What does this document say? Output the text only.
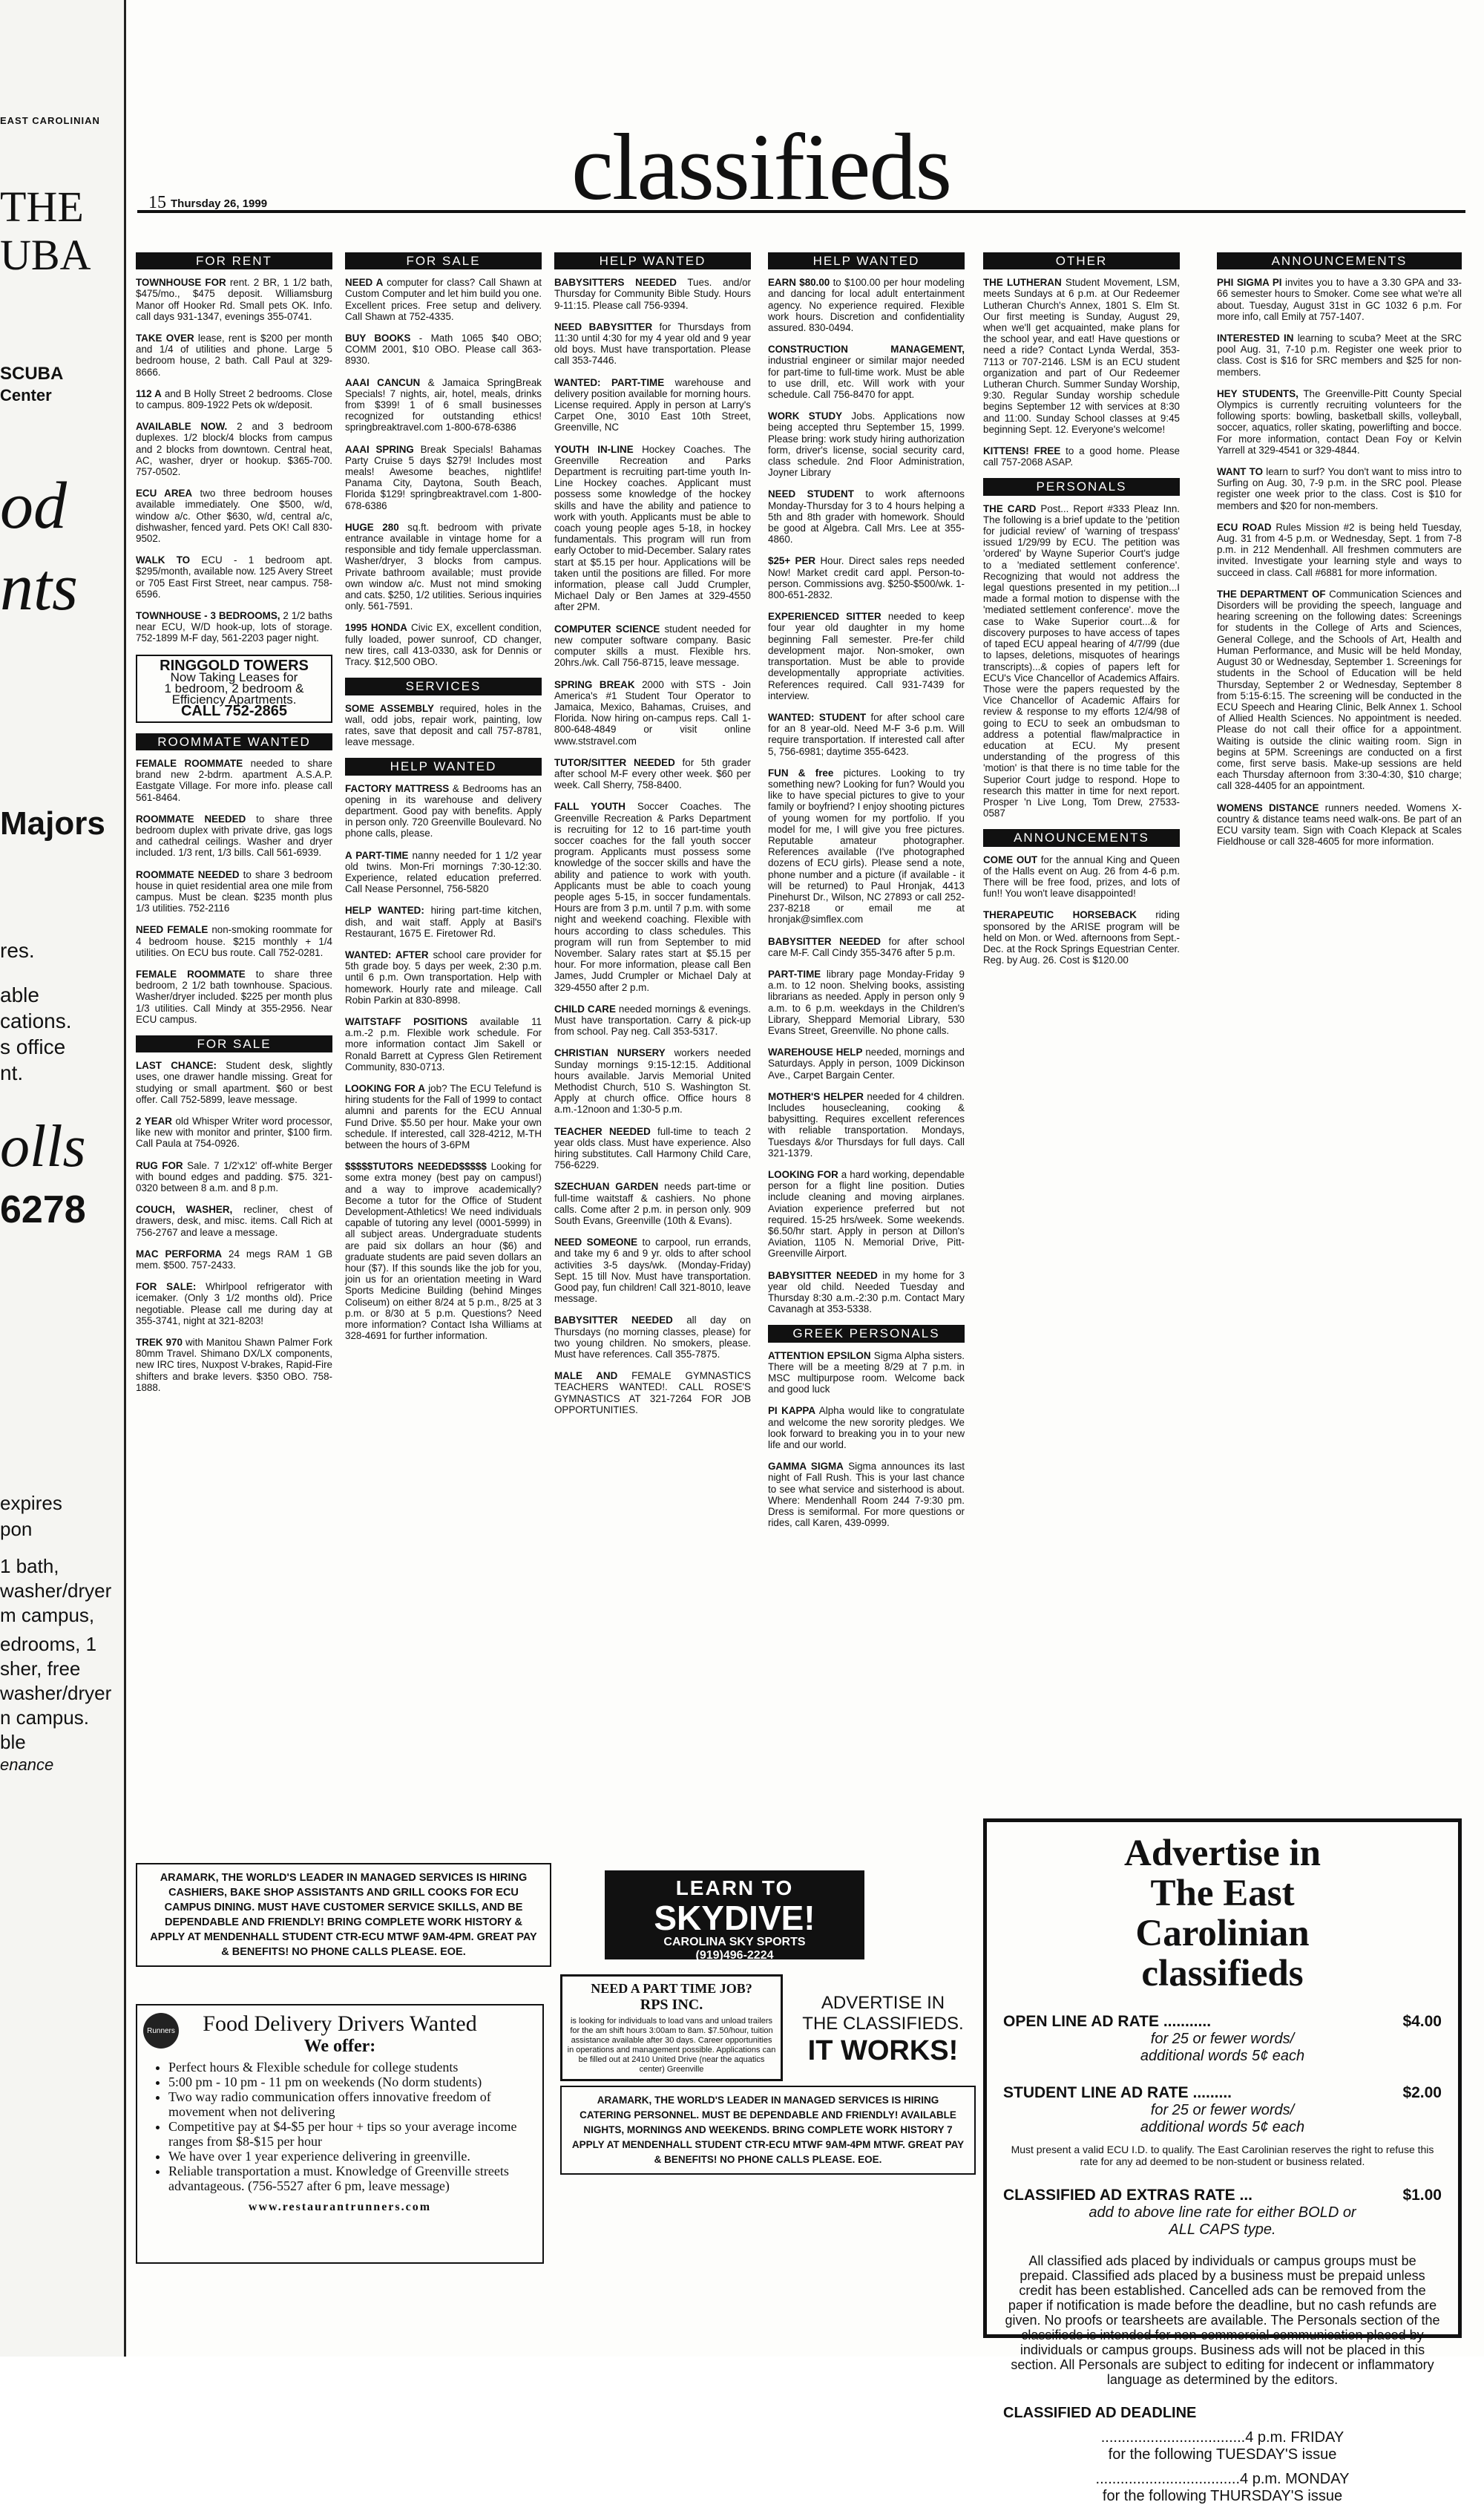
THE
UBA
SCUBA
Center
od
nts
Majors
res.
able
cations.
s office
nt.
olls
6278
expires
pon
1 bath,
washer/dryer
m campus,
edrooms, 1
sher, free
washer/dryer
n campus.
ble
enance
EAST CAROLINIAN
15 Thursday 26, 1999	classifieds
FOR RENT
TOWNHOUSE FOR rent. 2 BR, 1 1/2 bath, $475/mo., $475 deposit. Williamsburg Manor off Hooker Rd. Small pets OK. Info. call days 931-1347, evenings 355-0741.
TAKE OVER lease, rent is $200 per month and 1/4 of utilities and phone. Large 5 bedroom house, 2 bath. Call Paul at 329-8666.
112 A and B Holly Street 2 bedrooms. Close to campus. 809-1922 Pets ok w/deposit.
AVAILABLE NOW. 2 and 3 bedroom duplexes. 1/2 block/4 blocks from campus and 2 blocks from downtown. Central heat, AC, washer, dryer or hookup. $365-700. 757-0502.
ECU AREA two three bedroom houses available immediately. One $500, w/d, window a/c. Other $630, w/d, central a/c, dishwasher, fenced yard. Pets OK! Call 830-9502.
WALK TO ECU - 1 bedroom apt. $295/month, available now. 125 Avery Street or 705 East First Street, near campus. 758-6596.
TOWNHOUSE - 3 BEDROOMS, 2 1/2 baths near ECU, W/D hook-up, lots of storage. 752-1899 M-F day, 561-2203 pager night.
RINGGOLD TOWERS
Now Taking Leases for
1 bedroom, 2 bedroom &
Efficiency Apartments.
CALL 752-2865
ROOMMATE WANTED
FEMALE ROOMMATE needed to share brand new 2-bdrm. apartment A.S.A.P. Eastgate Village. For more info. please call 561-8464.
ROOMMATE NEEDED to share three bedroom duplex with private drive, gas logs and cathedral ceilings. Washer and dryer included. 1/3 rent, 1/3 bills. Call 561-6939.
ROOMMATE NEEDED to share 3 bedroom house in quiet residential area one mile from campus. Must be clean. $235 month plus 1/3 utilities. 752-2116
NEED FEMALE non-smoking roommate for 4 bedroom house. $215 monthly + 1/4 utilities. On ECU bus route. Call 752-0281.
FEMALE ROOMMATE to share three bedroom, 2 1/2 bath townhouse. Spacious. Washer/dryer included. $225 per month plus 1/3 utilities. Call Mindy at 355-2956. Near ECU campus.
FOR SALE
LAST CHANCE: Student desk, slightly uses, one drawer handle missing. Great for studying or small apartment. $60 or best offer. Call 752-5899, leave message.
2 YEAR old Whisper Writer word processor, like new with monitor and printer, $100 firm. Call Paula at 754-0926.
RUG FOR Sale. 7 1/2'x12' off-white Berger with bound edges and padding. $75. 321-0320 between 8 a.m. and 8 p.m.
COUCH, WASHER, recliner, chest of drawers, desk, and misc. items. Call Rich at 756-2767 and leave a message.
MAC PERFORMA 24 megs RAM 1 GB mem. $500. 757-2433.
FOR SALE: Whirlpool refrigerator with icemaker. (Only 3 1/2 months old). Price negotiable. Please call me during day at 355-3741, night at 321-8203!
TREK 970 with Manitou Shawn Palmer Fork 80mm Travel. Shimano DX/LX components, new IRC tires, Nuxpost V-brakes, Rapid-Fire shifters and brake levers. $350 OBO. 758-1888.
FOR SALE
NEED A computer for class? Call Shawn at Custom Computer and let him build you one. Excellent prices. Free setup and delivery. Call Shawn at 752-4335.
BUY BOOKS - Math 1065 $40 OBO; COMM 2001, $10 OBO. Please call 363-8930.
AAAI CANCUN & Jamaica SpringBreak Specials! 7 nights, air, hotel, meals, drinks from $399! 1 of 6 small businesses recognized for outstanding ethics! springbreaktravel.com 1-800-678-6386
AAAI SPRING Break Specials! Bahamas Party Cruise 5 days $279! Includes most meals! Awesome beaches, nightlife! Panama City, Daytona, South Beach, Florida $129! springbreaktravel.com 1-800-678-6386
HUGE 280 sq.ft. bedroom with private entrance available in vintage home for a responsible and tidy female upperclassman. Washer/dryer, 3 blocks from campus. Private bathroom available; must provide own window a/c. Must not mind smoking and cats. $250, 1/2 utilities. Serious inquiries only. 561-7591.
1995 HONDA Civic EX, excellent condition, fully loaded, power sunroof, CD changer, new tires, call 413-0330, ask for Dennis or Tracy. $12,500 OBO.
SERVICES
SOME ASSEMBLY required, holes in the wall, odd jobs, repair work, painting, low rates, save that deposit and call 757-8781, leave message.
HELP WANTED
FACTORY MATTRESS & Bedrooms has an opening in its warehouse and delivery department. Good pay with benefits. Apply in person only. 720 Greenville Boulevard. No phone calls, please.
A PART-TIME nanny needed for 1 1/2 year old twins. Mon-Fri mornings 7:30-12:30. Experience, related education preferred. Call Nease Personnel, 756-5820
HELP WANTED: hiring part-time kitchen, dish, and wait staff. Apply at Basil's Restaurant, 1675 E. Firetower Rd.
WANTED: AFTER school care provider for 5th grade boy. 5 days per week, 2:30 p.m. until 6 p.m. Own transportation. Help with homework. Hourly rate and mileage. Call Robin Parkin at 830-8998.
WAITSTAFF POSITIONS available 11 a.m.-2 p.m. Flexible work schedule. For more information contact Jim Sakell or Ronald Barrett at Cypress Glen Retirement Community, 830-0713.
LOOKING FOR A job? The ECU Telefund is hiring students for the Fall of 1999 to contact alumni and parents for the ECU Annual Fund Drive. $5.50 per hour. Make your own schedule. If interested, call 328-4212, M-TH between the hours of 3-6PM
$$$$$TUTORS NEEDED$$$$$ Looking for some extra money (best pay on campus!) and a way to improve academically? Become a tutor for the Office of Student Development-Athletics! We need individuals capable of tutoring any level (0001-5999) in all subject areas. Undergraduate students are paid six dollars an hour ($6) and graduate students are paid seven dollars an hour ($7). If this sounds like the job for you, join us for an orientation meeting in Ward Sports Medicine Building (behind Minges Coliseum) on either 8/24 at 5 p.m., 8/25 at 3 p.m. or 8/30 at 5 p.m. Questions? Need more information? Contact Isha Williams at 328-4691 for further information.
HELP WANTED
BABYSITTERS NEEDED Tues. and/or Thursday for Community Bible Study. Hours 9-11:15. Please call 756-9394.
NEED BABYSITTER for Thursdays from 11:30 until 4:30 for my 4 year old and 9 year old boys. Must have transportation. Please call 353-7446.
WANTED: PART-TIME warehouse and delivery position available for morning hours. License required. Apply in person at Larry's Carpet One, 3010 East 10th Street, Greenville, NC
YOUTH IN-LINE Hockey Coaches. The Greenville Recreation and Parks Department is recruiting part-time youth In-Line Hockey coaches. Applicant must possess some knowledge of the hockey skills and have the ability and patience to work with youth. Applicants must be able to coach young people ages 5-18, in hockey fundamentals. This program will run from early October to mid-December. Salary rates start at $5.15 per hour. Applications will be taken until the positions are filled. For more information, please call Judd Crumpler, Michael Daly or Ben James at 329-4550 after 2PM.
COMPUTER SCIENCE student needed for new computer software company. Basic computer skills a must. Flexible hrs. 20hrs./wk. Call 756-8715, leave message.
SPRING BREAK 2000 with STS - Join America's #1 Student Tour Operator to Jamaica, Mexico, Bahamas, Cruises, and Florida. Now hiring on-campus reps. Call 1-800-648-4849 or visit online www.ststravel.com
TUTOR/SITTER NEEDED for 5th grader after school M-F every other week. $60 per week. Call Sherry, 758-8400.
FALL YOUTH Soccer Coaches. The Greenville Recreation & Parks Department is recruiting for 12 to 16 part-time youth soccer coaches for the fall youth soccer program. Applicants must possess some knowledge of the soccer skills and have the ability and patience to work with youth. Applicants must be able to coach young people ages 5-15, in soccer fundamentals. Hours are from 3 p.m. until 7 p.m. with some night and weekend coaching. Flexible with hours according to class schedules. This program will run from September to mid November. Salary rates start at $5.15 per hour. For more information, please call Ben James, Judd Crumpler or Michael Daly at 329-4550 after 2 p.m.
CHILD CARE needed mornings & evenings. Must have transportation. Carry & pick-up from school. Pay neg. Call 353-5317.
CHRISTIAN NURSERY workers needed Sunday mornings 9:15-12:15. Additional hours available. Jarvis Memorial United Methodist Church, 510 S. Washington St. Apply at church office. Office hours 8 a.m.-12noon and 1:30-5 p.m.
TEACHER NEEDED full-time to teach 2 year olds class. Must have experience. Also hiring substitutes. Call Harmony Child Care, 756-6229.
SZECHUAN GARDEN needs part-time or full-time waitstaff & cashiers. No phone calls. Come after 2 p.m. in person only. 909 South Evans, Greenville (10th & Evans).
NEED SOMEONE to carpool, run errands, and take my 6 and 9 yr. olds to after school activities 3-5 days/wk. (Monday-Friday) Sept. 15 till Nov. Must have transportation. Good pay, fun children! Call 321-8010, leave message.
BABYSITTER NEEDED all day on Thursdays (no morning classes, please) for two young children. No smokers, please. Must have references. Call 355-7875.
MALE AND FEMALE GYMNASTICS TEACHERS WANTED!. CALL ROSE'S GYMNASTICS AT 321-7264 FOR JOB OPPORTUNITIES.
HELP WANTED
EARN $80.00 to $100.00 per hour modeling and dancing for local adult entertainment agency. No experience required. Flexible work hours. Discretion and confidentiality assured. 830-0494.
CONSTRUCTION MANAGEMENT, industrial engineer or similar major needed for part-time to full-time work. Must be able to use drill, etc. Will work with your schedule. Call 756-8470 for appt.
WORK STUDY Jobs. Applications now being accepted thru September 15, 1999. Please bring: work study hiring authorization form, driver's license, social security card, class schedule. 2nd Floor Administration, Joyner Library
NEED STUDENT to work afternoons Monday-Thursday for 3 to 4 hours helping a 5th and 8th grader with homework. Should be good at Algebra. Call Mrs. Lee at 355-4860.
$25+ PER Hour. Direct sales reps needed Now! Market credit card appl. Person-to-person. Commissions avg. $250-$500/wk. 1-800-651-2832.
EXPERIENCED SITTER needed to keep four year old daughter in my home beginning Fall semester. Pre-fer child development major. Non-smoker, own transportation. Must be able to provide developmentally appropriate activities. References required. Call 931-7439 for interview.
WANTED: STUDENT for after school care for an 8 year-old. Need M-F 3-6 p.m. Will require transportation. If interested call after 5, 756-6981; daytime 355-6423.
FUN & free pictures. Looking to try something new? Looking for fun? Would you like to have special pictures to give to your family or boyfriend? I enjoy shooting pictures of young women for my portfolio. If you model for me, I will give you free pictures. Reputable amateur photographer. References available (I've photographed dozens of ECU girls). Please send a note, phone number and a picture (if available - it will be returned) to Paul Hronjak, 4413 Pinehurst Dr., Wilson, NC 27893 or call 252-237-8218 or email me at hronjak@simflex.com
BABYSITTER NEEDED for after school care M-F. Call Cindy 355-3476 after 5 p.m.
PART-TIME library page Monday-Friday 9 a.m. to 12 noon. Shelving books, assisting librarians as needed. Apply in person only 9 a.m. to 6 p.m. weekdays in the Children's Library, Sheppard Memorial Library, 530 Evans Street, Greenville. No phone calls.
WAREHOUSE HELP needed, mornings and Saturdays. Apply in person, 1009 Dickinson Ave., Carpet Bargain Center.
MOTHER'S HELPER needed for 4 children. Includes housecleaning, cooking & babysitting. Requires excellent references with reliable transportation. Mondays, Tuesdays &/or Thursdays for full days. Call 321-1379.
LOOKING FOR a hard working, dependable person for a flight line position. Duties include cleaning and moving airplanes. Aviation experience preferred but not required. 15-25 hrs/week. Some weekends. $6.50/hr start. Apply in person at Dillon's Aviation, 1105 N. Memorial Drive, Pitt-Greenville Airport.
BABYSITTER NEEDED in my home for 3 year old child. Needed Tuesday and Thursday 8:30 a.m.-2:30 p.m. Contact Mary Cavanagh at 353-5338.
GREEK PERSONALS
ATTENTION EPSILON Sigma Alpha sisters. There will be a meeting 8/29 at 7 p.m. in MSC multipurpose room. Welcome back and good luck
PI KAPPA Alpha would like to congratulate and welcome the new sorority pledges. We look forward to breaking you in to your new life and our world.
GAMMA SIGMA Sigma announces its last night of Fall Rush. This is your last chance to see what service and sisterhood is about. Where: Mendenhall Room 244 7-9:30 pm. Dress is semiformal. For more questions or rides, call Karen, 439-0999.
OTHER
THE LUTHERAN Student Movement, LSM, meets Sundays at 6 p.m. at Our Redeemer Lutheran Church's Annex, 1801 S. Elm St. Our first meeting is Sunday, August 29, when we'll get acquainted, make plans for the school year, and eat! Have questions or need a ride? Contact Lynda Werdal, 353-7113 or 707-2146. LSM is an ECU student organization and part of Our Redeemer Lutheran Church. Summer Sunday Worship, 9:30. Regular Sunday worship schedule begins September 12 with services at 8:30 and 11:00. Sunday School classes at 9:45 beginning Sept. 12. Everyone's welcome!
KITTENS! FREE to a good home. Please call 757-2068 ASAP.
PERSONALS
THE CARD Post... Report #333 Pleaz Inn. The following is a brief update to the 'petition for judicial review' of 'warning of trespass' issued 1/29/99 by ECU. The petition was 'ordered' by Wayne Superior Court's judge to a 'mediated settlement conference'. Recognizing that would not address the legal questions presented in my petition...I made a formal motion to dispense with the 'mediated settlement conference'. move the case to Wake Superior court...& for discovery purposes to have access of tapes of taped ECU appeal hearing of 4/7/99 (due to lapses, deletions, misquotes of hearings transcripts)...& copies of papers left for ECU's Vice Chancellor of Academics Affairs. Those were the papers requested by the Vice Chancellor of Academic Affairs for review & response to my efforts 12/4/98 of going to ECU to seek an ombudsman to address a potential flaw/malpractice in education at ECU. My present understanding of the progress of this 'motion' is that there is no time table for the Superior Court judge to respond. Hope to research this matter in time for next report. Prosper 'n Live Long, Tom Drew, 27533-0587
ANNOUNCEMENTS
COME OUT for the annual King and Queen of the Halls event on Aug. 26 from 4-6 p.m. There will be free food, prizes, and lots of fun!! You won't leave disappointed!
THERAPEUTIC HORSEBACK riding sponsored by the ARISE program will be held on Mon. or Wed. afternoons from Sept.-Dec. at the Rock Springs Equestrian Center. Reg. by Aug. 26. Cost is $120.00
ANNOUNCEMENTS
PHI SIGMA PI invites you to have a 3.30 GPA and 33-66 semester hours to Smoker. Come see what we're all about. Tuesday, August 31st in GC 1032 6 p.m. For more info, call Emily at 757-1407.
INTERESTED IN learning to scuba? Meet at the SRC pool Aug. 31, 7-10 p.m. Register one week prior to class. Cost is $16 for SRC members and $25 for non-members.
HEY STUDENTS, The Greenville-Pitt County Special Olympics is currently recruiting volunteers for the following sports: bowling, basketball skills, volleyball, soccer, aquatics, roller skating, powerlifting and bocce. For more information, contact Dean Foy or Kelvin Yarrell at 329-4541 or 329-4844.
WANT TO learn to surf? You don't want to miss intro to Surfing on Aug. 30, 7-9 p.m. in the SRC pool. Please register one week prior to the class. Cost is $10 for members and $20 for non-members.
ECU ROAD Rules Mission #2 is being held Tuesday, Aug. 31 from 4-5 p.m. or Wednesday, Sept. 1 from 7-8 p.m. in 212 Mendenhall. All freshmen commuters are invited. Investigate your learning style and ways to succeed in class. Call #6881 for more information.
THE DEPARTMENT OF Communication Sciences and Disorders will be providing the speech, language and hearing screening on the following dates: Screenings for students in the College of Arts and Sciences, General College, and the Schools of Art, Health and Human Performance, and Music will be held Monday, August 30 or Wednesday, September 1. Screenings for students in the School of Education will be held Thursday, September 2 or Wednesday, September 8 from 5:15-6:15. The screening will be conducted in the ECU Speech and Hearing Clinic, Belk Annex 1. School of Allied Health Sciences. No appointment is needed. Please do not call their office for a appointment. Waiting is outside the clinic waiting room. Sign in begins at 5PM. Screenings are conducted on a first come, first serve basis. Make-up sessions are held each Thursday afternoon from 3:30-4:30, $10 charge; call 328-4405 for an appointment.
WOMENS DISTANCE runners needed. Womens X-country & distance teams need walk-ons. Be part of an ECU varsity team. Sign with Coach Klepack at Scales Fieldhouse or call 328-4605 for more information.
Advertise in
The East
Carolinian
classifieds
OPEN LINE AD RATE ...........	$4.00
for 25 or fewer words/
additional words 5¢ each
STUDENT LINE AD RATE .........	$2.00
for 25 or fewer words/
additional words 5¢ each
Must present a valid ECU I.D. to qualify. The East Carolinian reserves the right to refuse this rate for any ad deemed to be non-student or business related.
CLASSIFIED AD EXTRAS RATE ...	$1.00
add to above line rate for either BOLD or
ALL CAPS type.
All classified ads placed by individuals or campus groups must be prepaid. Classified ads placed by a business must be prepaid unless credit has been established. Cancelled ads can be removed from the paper if notification is made before the deadline, but no cash refunds are given. No proofs or tearsheets are available. The Personals section of the classifieds is intended for non-commercial communication placed by individuals or campus groups. Business ads will not be placed in this section. All Personals are subject to editing for indecent or inflammatory language as determined by the editors.
CLASSIFIED AD DEADLINE
...................................4 p.m. FRIDAY
for the following TUESDAY'S issue
...................................4 p.m. MONDAY
for the following THURSDAY'S issue
ARAMARK, THE WORLD'S LEADER IN MANAGED SERVICES IS HIRING CASHIERS, BAKE SHOP ASSISTANTS AND GRILL COOKS FOR ECU CAMPUS DINING. MUST HAVE CUSTOMER SERVICE SKILLS, AND BE DEPENDABLE AND FRIENDLY! BRING COMPLETE WORK HISTORY & APPLY AT MENDENHALL STUDENT CTR-ECU MTWF 9AM-4PM. GREAT PAY & BENEFITS! NO PHONE CALLS PLEASE. EOE.
ARAMARK, THE WORLD'S LEADER IN MANAGED SERVICES IS HIRING CATERING PERSONNEL. MUST BE DEPENDABLE AND FRIENDLY! AVAILABLE NIGHTS, MORNINGS AND WEEKENDS. BRING COMPLETE WORK HISTORY 7 APPLY AT MENDENHALL STUDENT CTR-ECU MTWF 9AM-4PM MTWF. GREAT PAY & BENEFITS! NO PHONE CALLS PLEASE. EOE.
Runners	Food Delivery Drivers Wanted
We offer:
• Perfect hours & Flexible schedule for college students
• 5:00 pm - 10 pm - 11 pm on weekends (No dorm students)
• Two way radio communication offers innovative freedom of movement when not delivering
• Competitive pay at $4-$5 per hour + tips so your average income ranges from $8-$15 per hour
• We have over 1 year experience delivering in greenville.
• Reliable transportation a must. Knowledge of Greenville streets advantageous. (756-5527 after 6 pm, leave message)
www.restaurantrunners.com
LEARN TO
SKYDIVE!
CAROLINA SKY SPORTS
(919)496-2224
NEED A PART TIME JOB?
RPS INC.
is looking for individuals to load vans and unload trailers for the am shift hours 3:00am to 8am. $7.50/hour, tuition assistance available after 30 days. Career opportunities in operations and management possible. Applications can be filled out at 2410 United Drive (near the aquatics center) Greenville
ADVERTISE IN
THE CLASSIFIEDS.
IT WORKS!
